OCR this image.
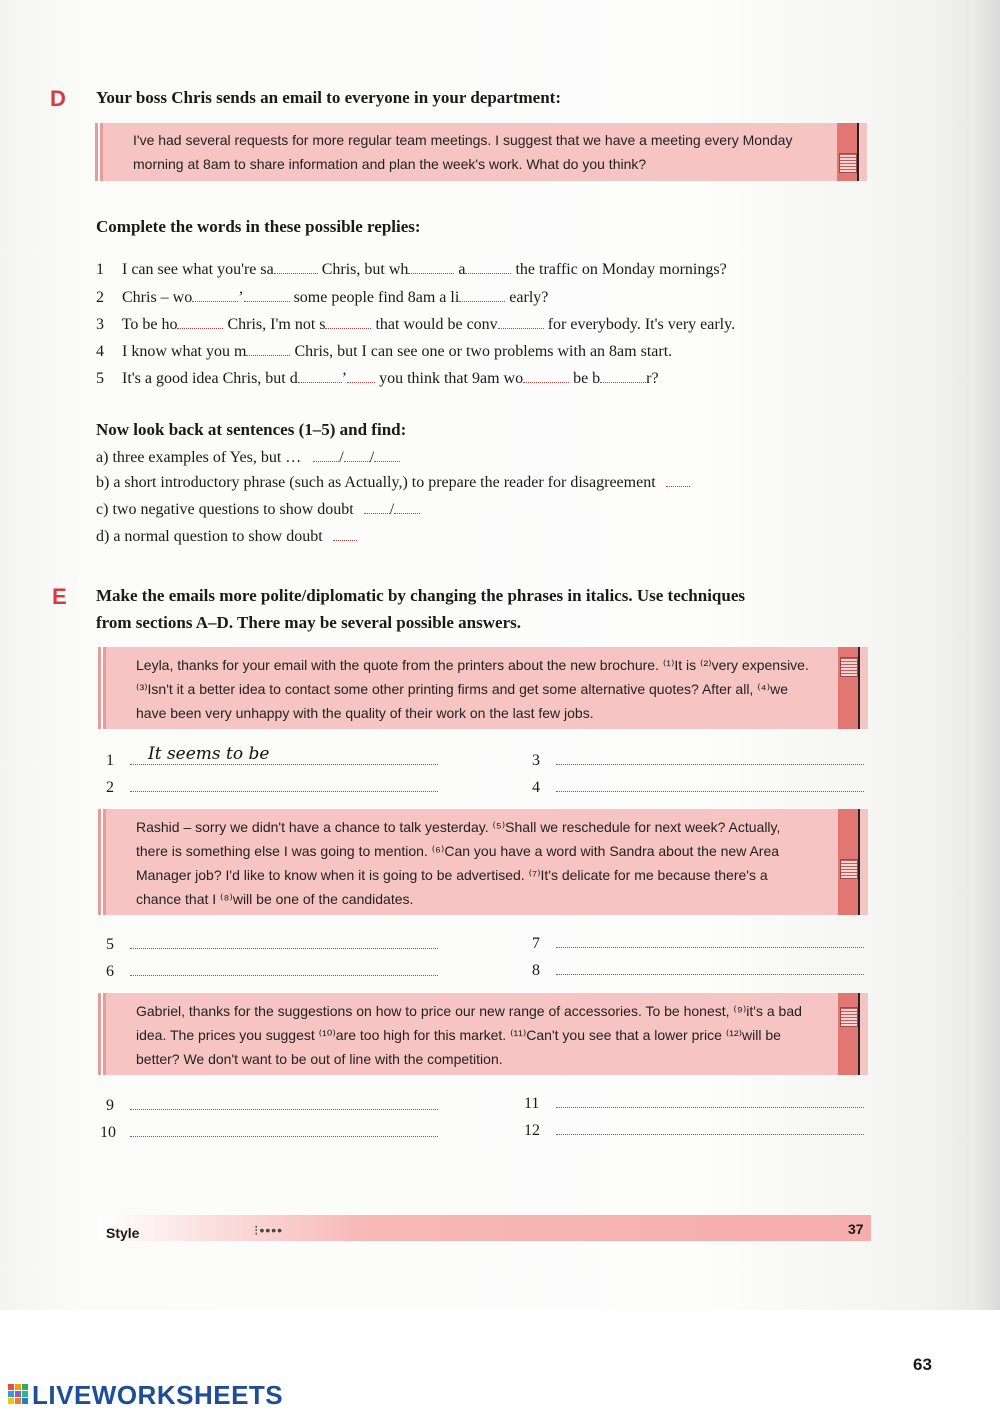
D Your boss Chris sends an email to everyone in your department:
I've had several requests for more regular team meetings. I suggest that we have a meeting every Monday
morning at 8am to share information and plan the week's work. What do you think?
Complete the words in these possible replies:
1 I can see what you're sa	Chris, but wh	a	the traffic on Monday mornings?
2 Chris – wo	’	some people find 8am a li	early?
3 To be ho	Chris, I'm not s	that would be conv	for everybody. It's very early.
4 I know what you m	Chris, but I can see one or two problems with an 8am start.
5 It's a good idea Chris, but d	’ you think that 9am wo	be b	r?
Now look back at sentences (1–5) and find:
a) three examples of Yes, but … / /
b) a short introductory phrase (such as Actually,) to prepare the reader for disagreement
c) two negative questions to show doubt /
d) a normal question to show doubt
E Make the emails more polite/diplomatic by changing the phrases in italics. Use techniques
from sections A–D. There may be several possible answers.
Leyla, thanks for your email with the quote from the printers about the new brochure. ⁽¹⁾It is ⁽²⁾very expensive.
⁽³⁾Isn't it a better idea to contact some other printing firms and get some alternative quotes? After all, ⁽⁴⁾we
have been very unhappy with the quality of their work on the last few jobs.
1	It seems to be
2
3
4
Rashid – sorry we didn't have a chance to talk yesterday. ⁽⁵⁾Shall we reschedule for next week? Actually,
there is something else I was going to mention. ⁽⁶⁾Can you have a word with Sandra about the new Area
Manager job? I'd like to know when it is going to be advertised. ⁽⁷⁾It's delicate for me because there's a
chance that I ⁽⁸⁾will be one of the candidates.
5
6
7
8
Gabriel, thanks for the suggestions on how to price our new range of accessories. To be honest, ⁽⁹⁾it's a bad
idea. The prices you suggest ⁽¹⁰⁾are too high for this market. ⁽¹¹⁾Can't you see that a lower price ⁽¹²⁾will be
better? We don't want to be out of line with the competition.
9
10
11
12
Style	⁝••••	37
63
LIVEWORKSHEETS
